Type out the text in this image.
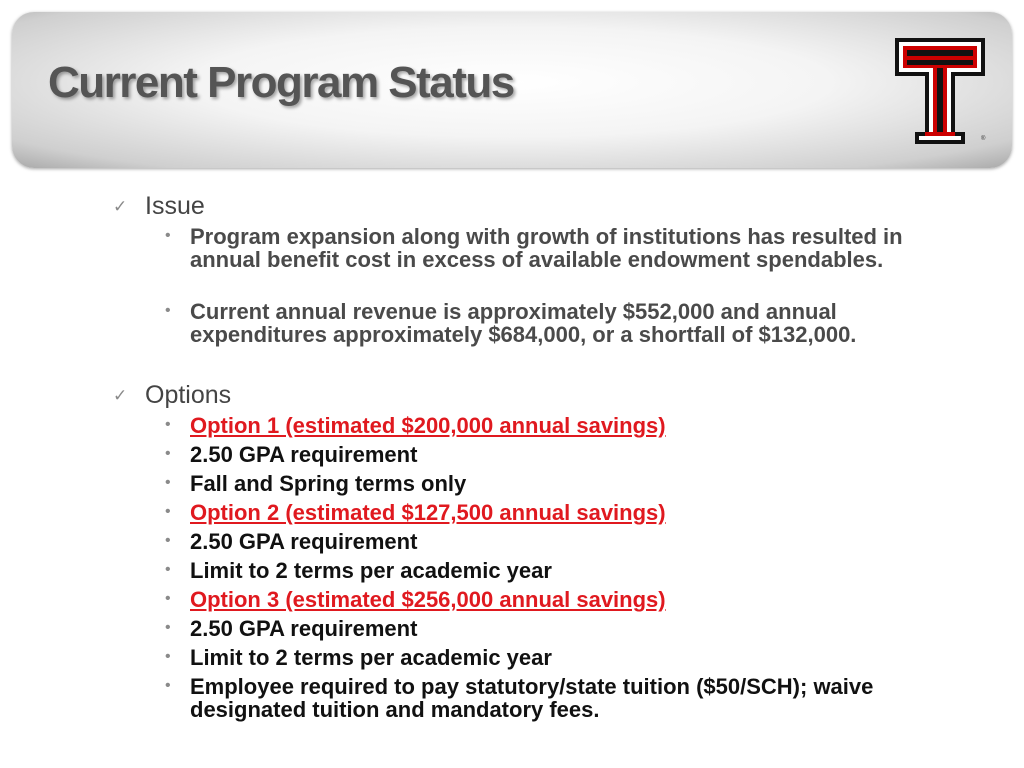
Current Program Status
®
✓ Issue
• Program expansion along with growth of institutions has resulted in annual benefit cost in excess of available endowment spendables.
• Current annual revenue is approximately $552,000 and annual expenditures approximately $684,000, or a shortfall of $132,000.
✓ Options
• Option 1 (estimated $200,000 annual savings)
• 2.50 GPA requirement
• Fall and Spring terms only
• Option 2 (estimated $127,500 annual savings)
• 2.50 GPA requirement
• Limit to 2 terms per academic year
• Option 3 (estimated $256,000 annual savings)
• 2.50 GPA requirement
• Limit to 2 terms per academic year
• Employee required to pay statutory/state tuition ($50/SCH); waive designated tuition and mandatory fees.
